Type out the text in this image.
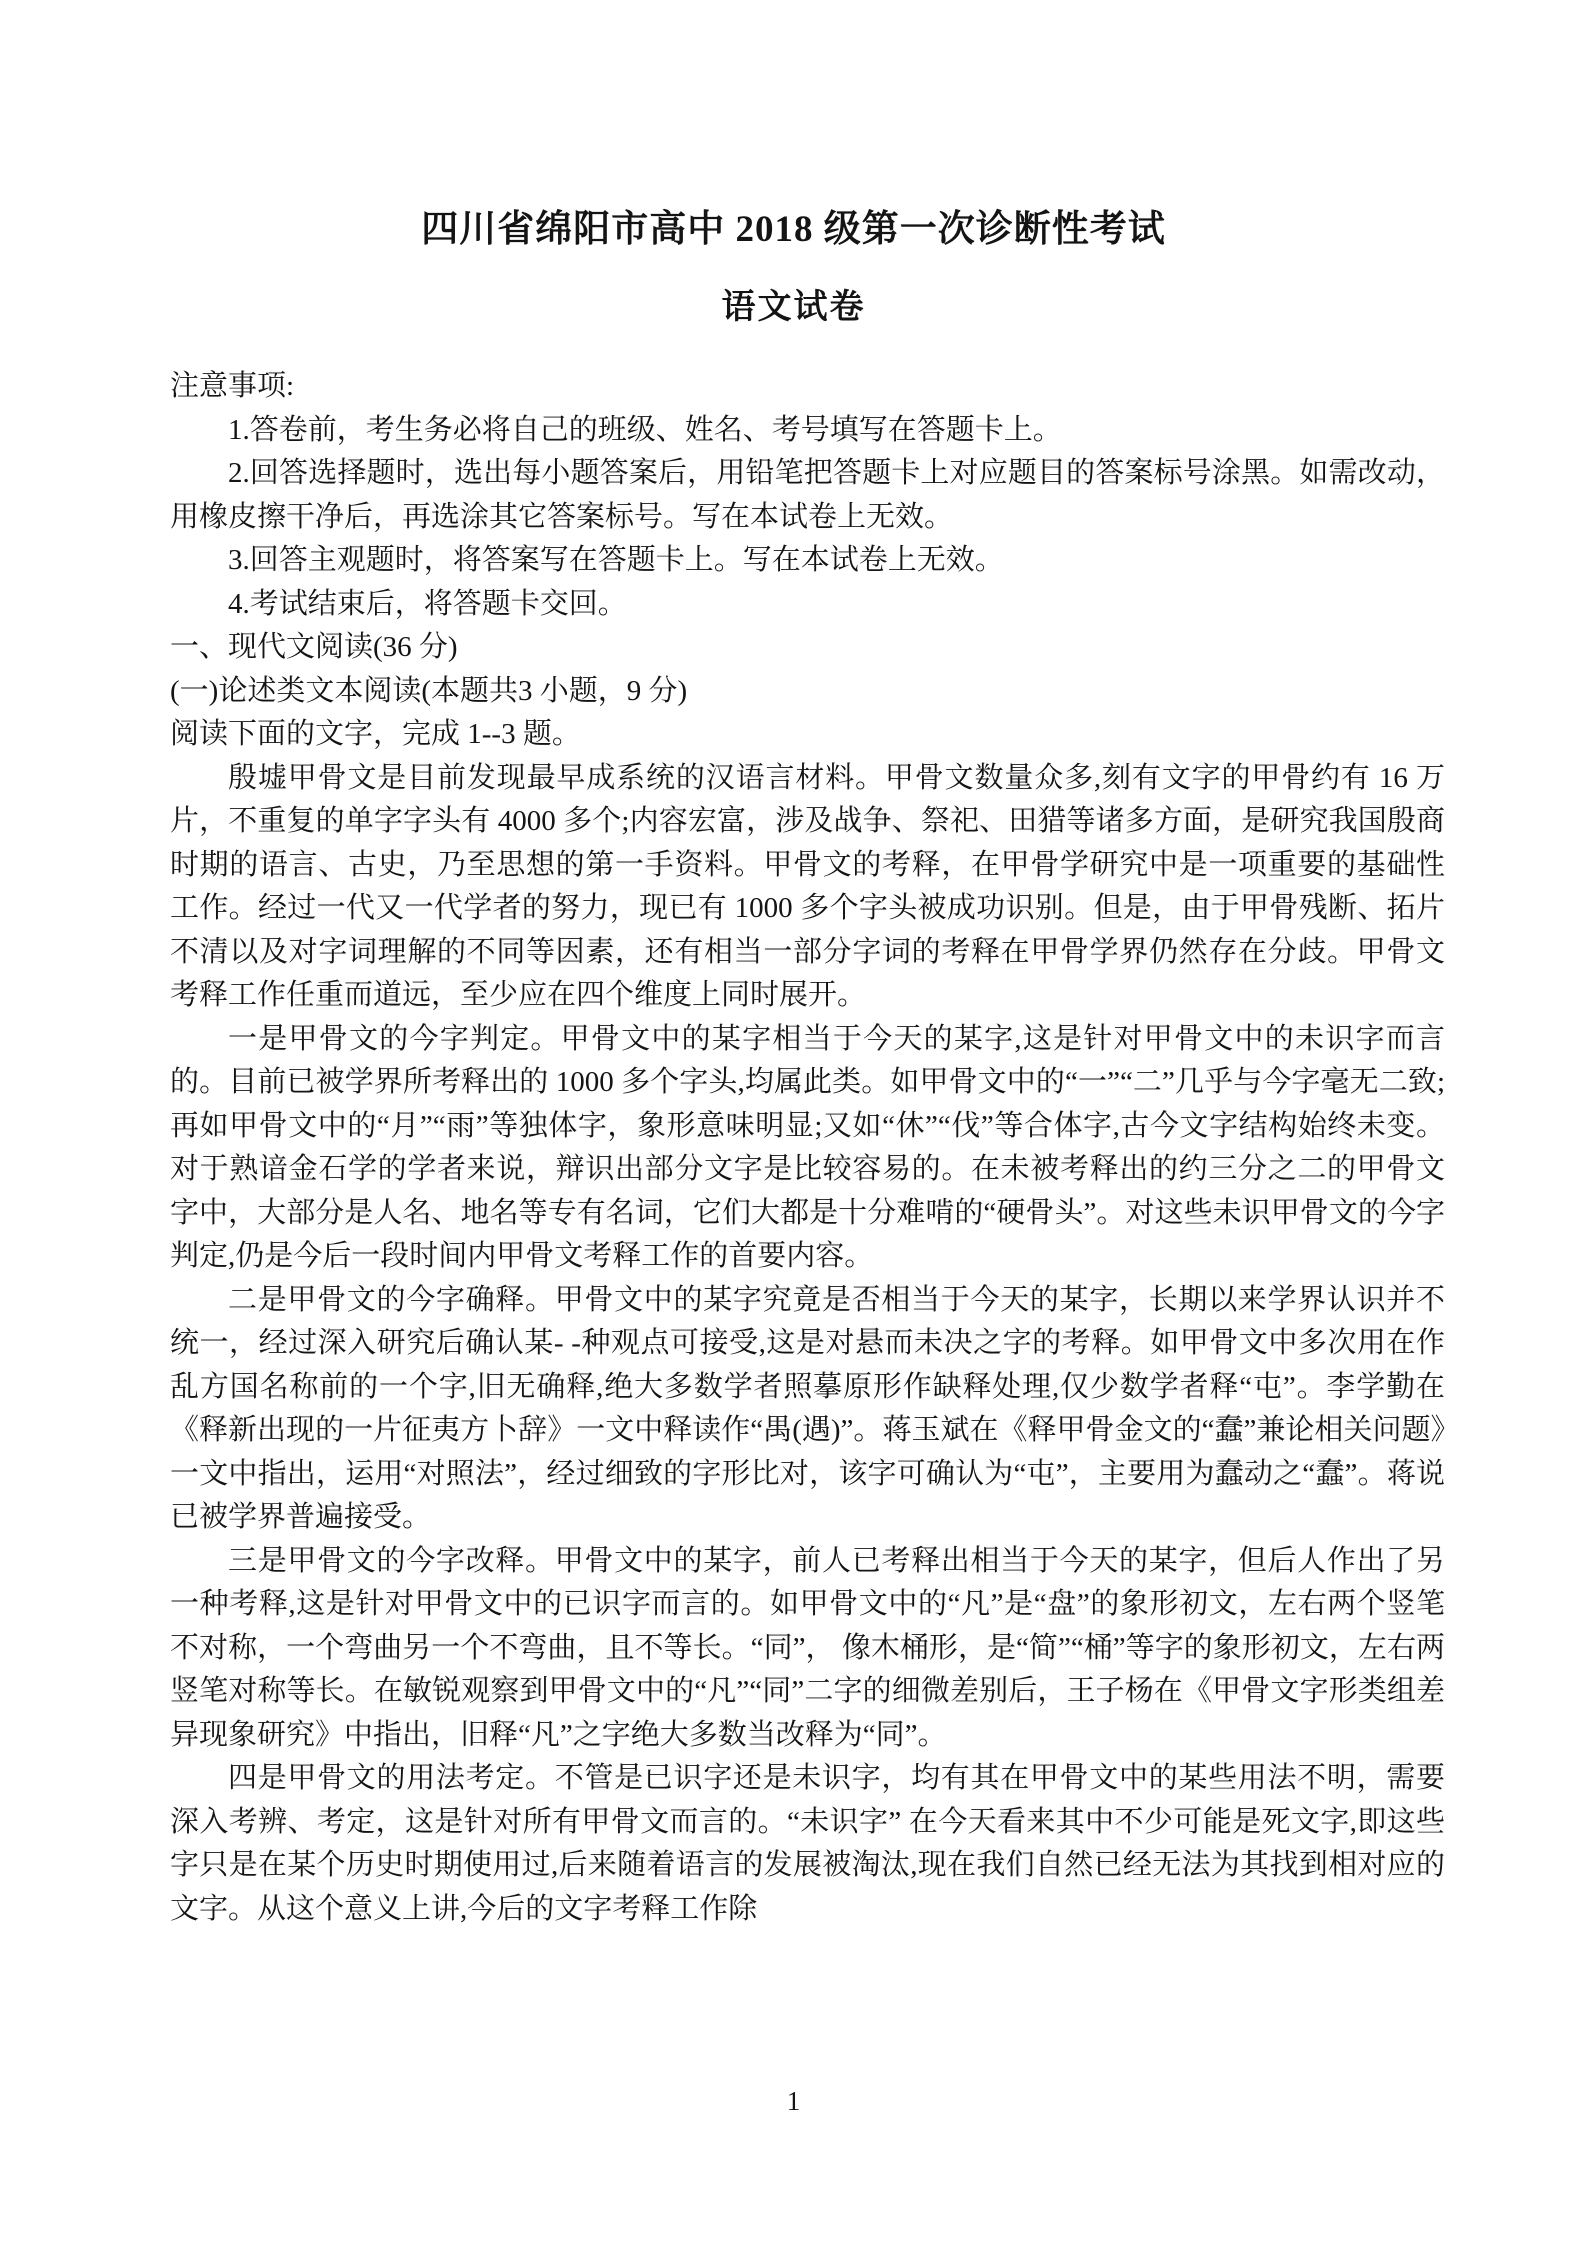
四川省绵阳市高中 2018 级第一次诊断性考试
语文试卷

注意事项:

1.答卷前，考生务必将自己的班级、姓名、考号填写在答题卡上。

2.回答选择题时，选出每小题答案后，用铅笔把答题卡上对应题目的答案标号涂黑。如需改动，用橡皮擦干净后，再选涂其它答案标号。写在本试卷上无效。

3.回答主观题时，将答案写在答题卡上。写在本试卷上无效。

4.考试结束后，将答题卡交回。

一、现代文阅读(36 分)

(一)论述类文本阅读(本题共3 小题，9 分)

阅读下面的文字，完成 1--3 题。

殷墟甲骨文是目前发现最早成系统的汉语言材料。甲骨文数量众多,刻有文字的甲骨约有 16 万片，不重复的单字字头有 4000 多个;内容宏富，涉及战争、祭祀、田猎等诸多方面，是研究我国殷商时期的语言、古史，乃至思想的第一手资料。甲骨文的考释，在甲骨学研究中是一项重要的基础性工作。经过一代又一代学者的努力，现已有 1000 多个字头被成功识别。但是，由于甲骨残断、拓片不清以及对字词理解的不同等因素，还有相当一部分字词的考释在甲骨学界仍然存在分歧。甲骨文考释工作任重而道远，至少应在四个维度上同时展开。

一是甲骨文的今字判定。甲骨文中的某字相当于今天的某字,这是针对甲骨文中的未识字而言的。目前已被学界所考释出的 1000 多个字头,均属此类。如甲骨文中的“一”“二”几乎与今字毫无二致;再如甲骨文中的“月”“雨”等独体字，象形意味明显;又如“休”“伐”等合体字,古今文字结构始终未变。对于熟谙金石学的学者来说，辩识出部分文字是比较容易的。在未被考释出的约三分之二的甲骨文字中，大部分是人名、地名等专有名词，它们大都是十分难啃的“硬骨头”。对这些未识甲骨文的今字判定,仍是今后一段时间内甲骨文考释工作的首要内容。

二是甲骨文的今字确释。甲骨文中的某字究竟是否相当于今天的某字，长期以来学界认识并不统一，经过深入研究后确认某- -种观点可接受,这是对悬而未决之字的考释。如甲骨文中多次用在作乱方国名称前的一个字,旧无确释,绝大多数学者照摹原形作缺释处理,仅少数学者释“屯”。李学勤在《释新出现的一片征夷方卜辞》一文中释读作“禺(遇)”。蒋玉斌在《释甲骨金文的“蠢”兼论相关问题》一文中指出，运用“对照法”，经过细致的字形比对，该字可确认为“屯”，主要用为蠢动之“蠢”。蒋说已被学界普遍接受。

三是甲骨文的今字改释。甲骨文中的某字，前人已考释出相当于今天的某字，但后人作出了另一种考释,这是针对甲骨文中的已识字而言的。如甲骨文中的“凡”是“盘”的象形初文，左右两个竖笔不对称，一个弯曲另一个不弯曲，且不等长。“同”， 像木桶形，是“简”“桶”等字的象形初文，左右两竖笔对称等长。在敏锐观察到甲骨文中的“凡”“同”二字的细微差别后，王子杨在《甲骨文字形类组差异现象研究》中指出，旧释“凡”之字绝大多数当改释为“同”。

四是甲骨文的用法考定。不管是已识字还是未识字，均有其在甲骨文中的某些用法不明，需要深入考辨、考定，这是针对所有甲骨文而言的。“未识字” 在今天看来其中不少可能是死文字,即这些字只是在某个历史时期使用过,后来随着语言的发展被淘汰,现在我们自然已经无法为其找到相对应的文字。从这个意义上讲,今后的文字考释工作除

1
